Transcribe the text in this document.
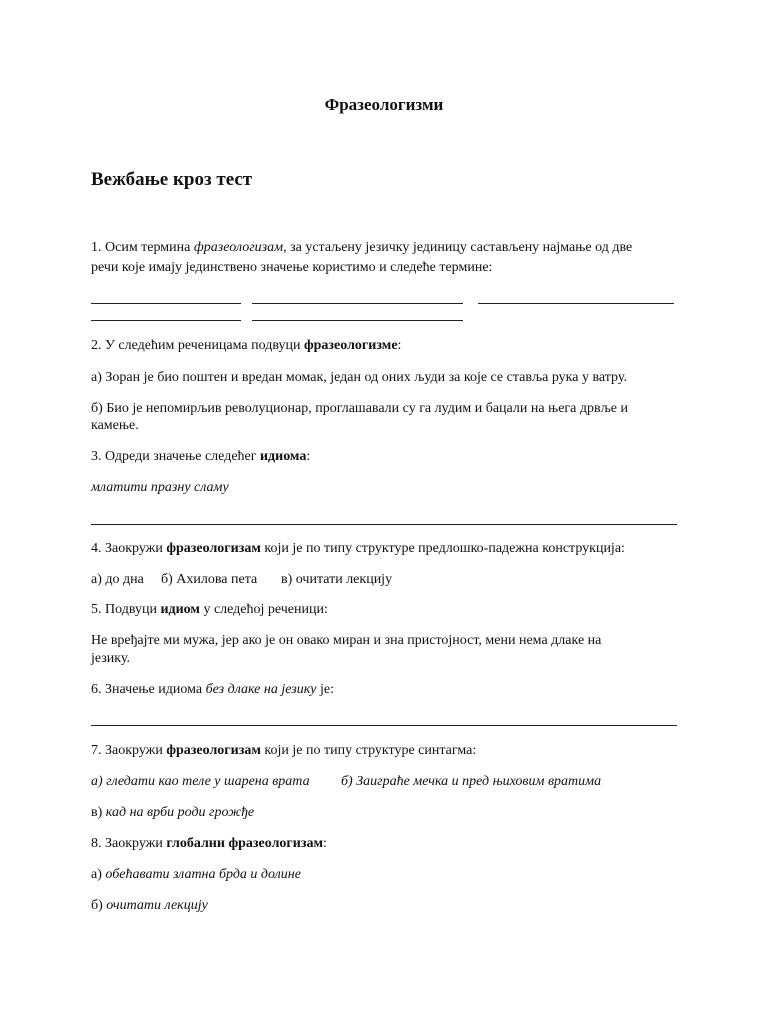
Фразеологизми
Вежбање кроз тест
1. Осим термина фразеологизам, за устаљену језичку јединицу састављену најмање од две
речи које имају јединствено значење користимо и следеће термине:
2. У следећим реченицама подвуци фразеологизме:
а) Зоран је био поштен и вредан момак, један од оних људи за које се ставља рука у ватру.
б) Био је непомирљив револуционар, проглашавали су га лудим и бацали на њега дрвље и
камење.
3. Одреди значење следећег идиома:
млатити празну сламу
4. Заокружи фразеологизам који је по типу структуре предлошко-падежна конструкција:
а) до дна б) Ахилова пета в) очитати лекцију
5. Подвуци идиом у следећој реченици:
Не вређајте ми мужа, јер ако је он овако миран и зна пристојност, мени нема длаке на
језику.
6. Значење идиома без длаке на језику је:
7. Заокружи фразеологизам који је по типу структуре синтагма:
а) гледати као теле у шарена врата б) Заиграће мечка и пред њиховим вратима
в) кад на врби роди грожђе
8. Заокружи глобални фразеологизам:
а) обећавати златна брда и долине
б) очитати лекцију
